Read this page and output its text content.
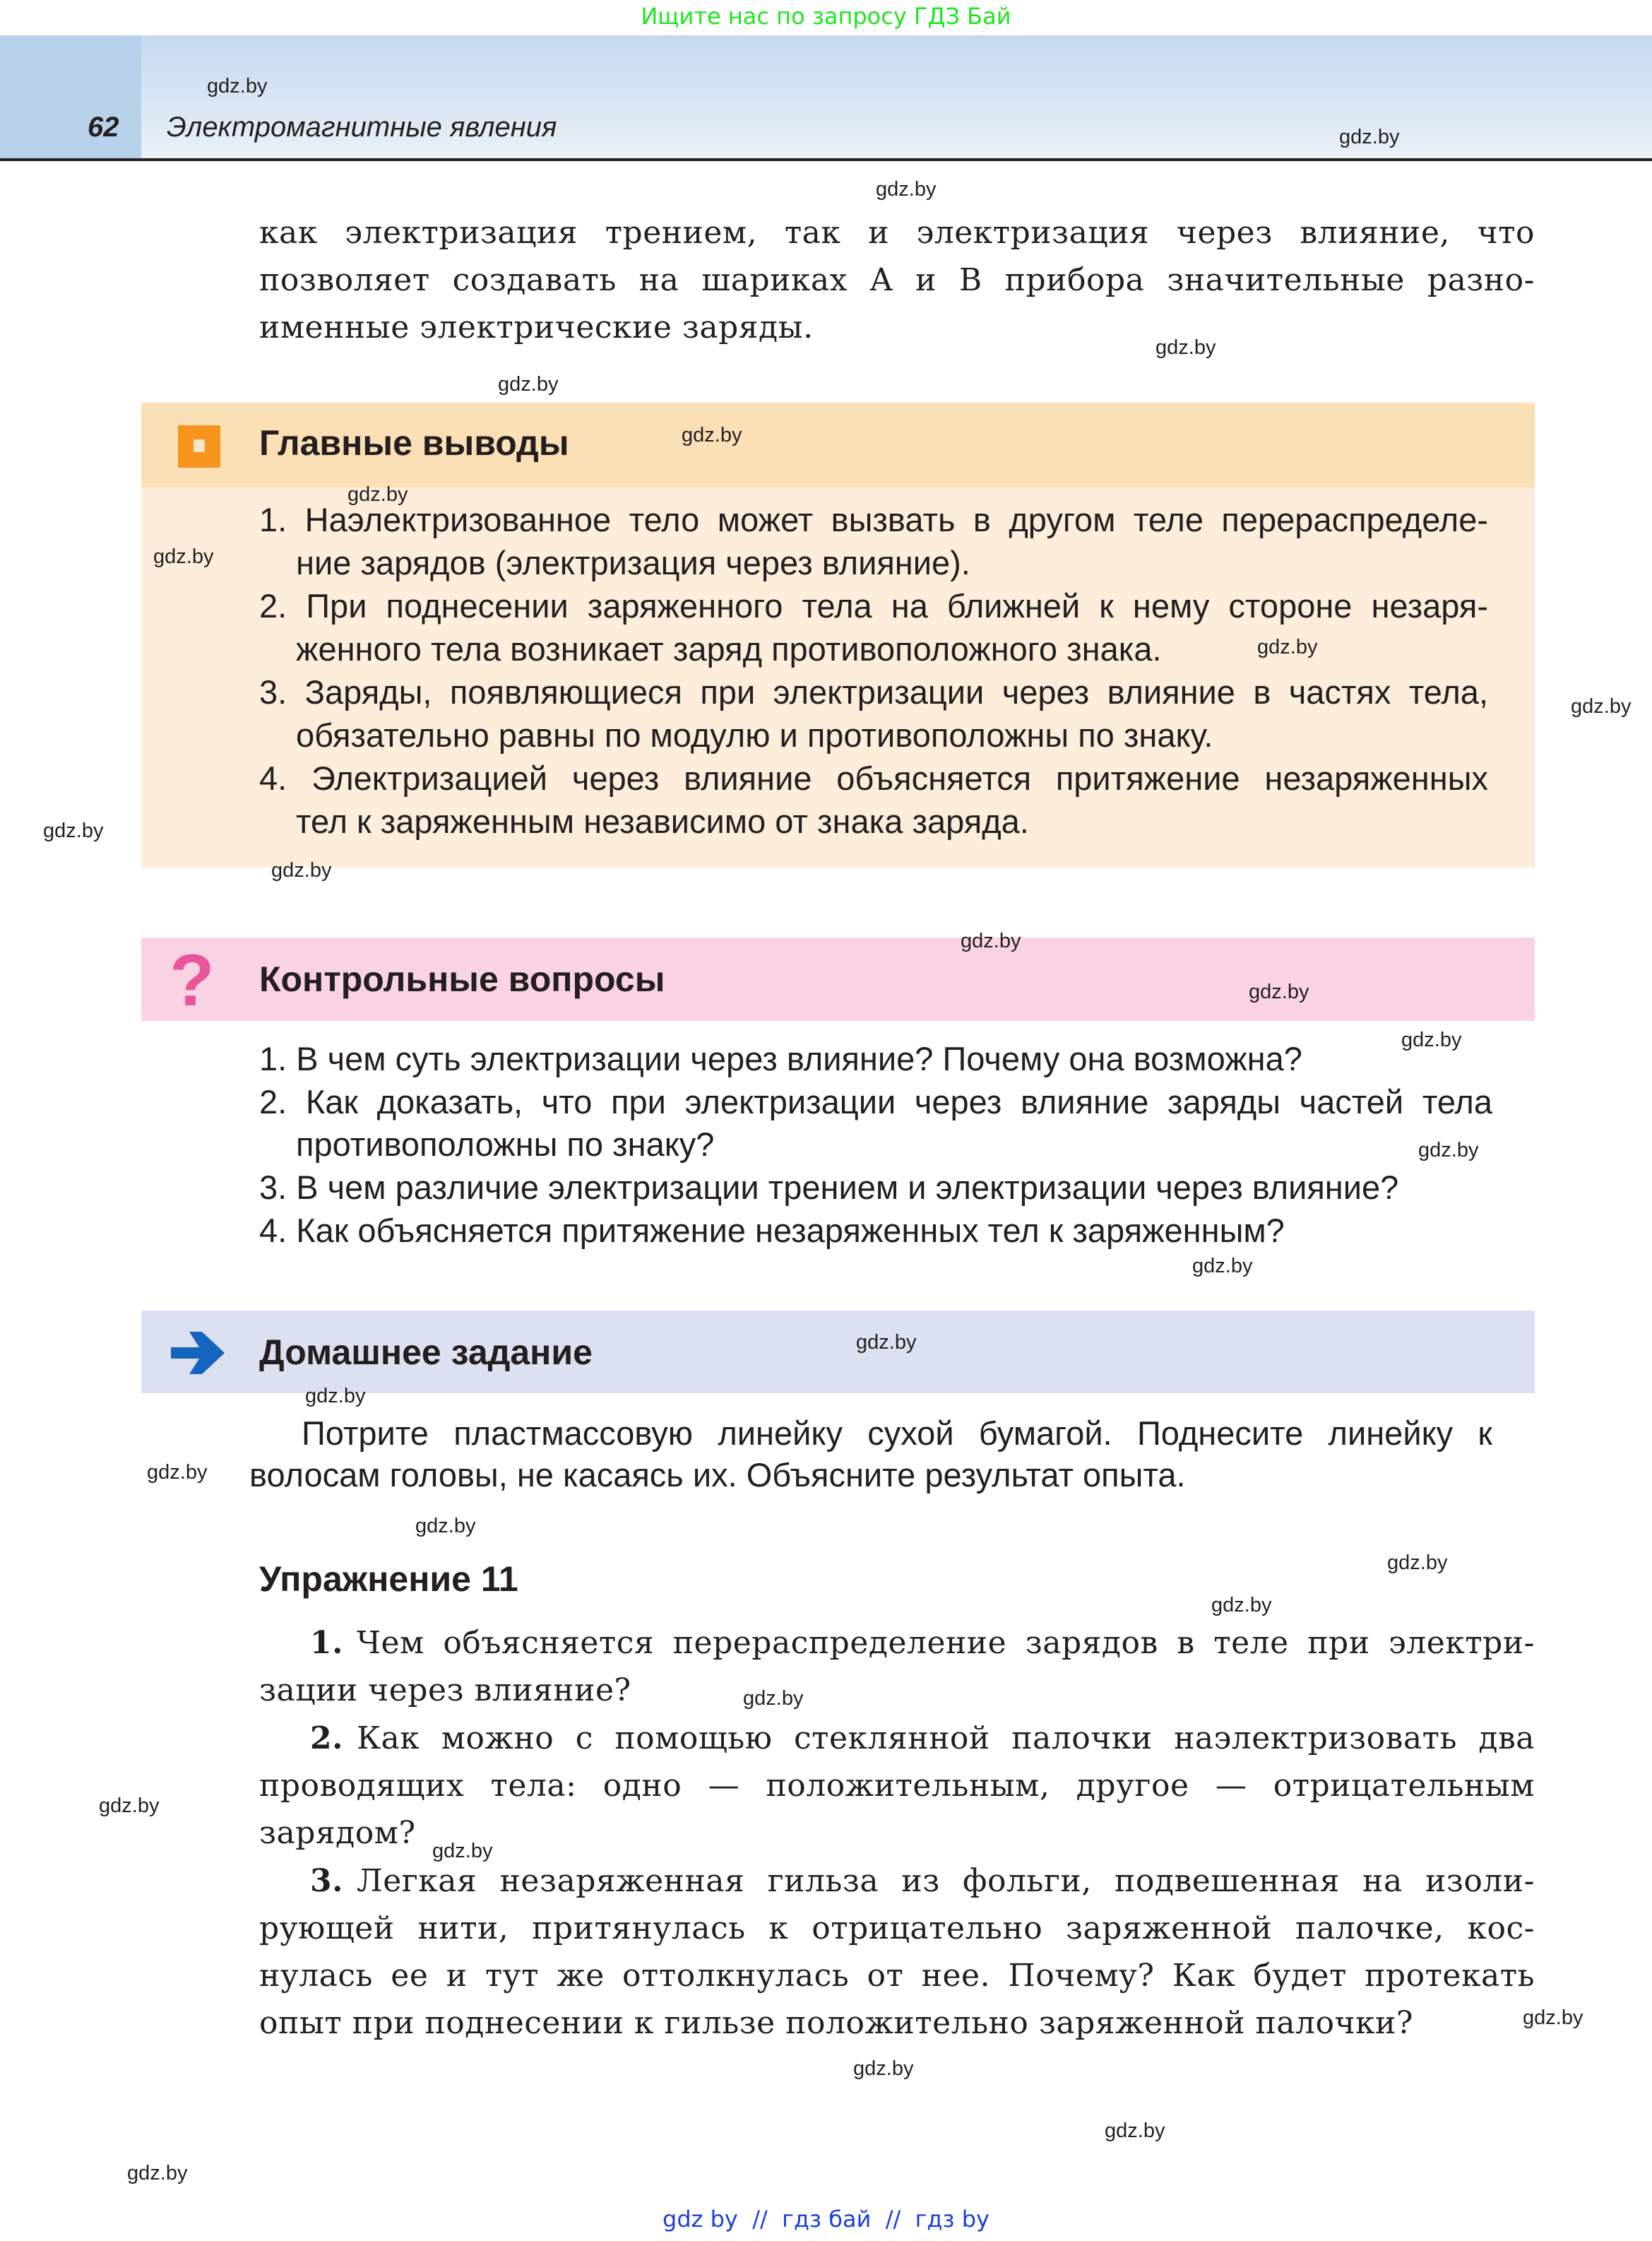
Ищите нас по запросу ГДЗ Бай
62 Электромагнитные явления
как электризация трением, так и электризация через влияние, что
позволяет создавать на шариках A и B прибора значительные разно-
именные электрические заряды.
Главные выводы
1. Наэлектризованное тело может вызвать в другом теле перераспределе-
ние зарядов (электризация через влияние).
2. При поднесении заряженного тела на ближней к нему стороне незаря-
женного тела возникает заряд противоположного знака.
3. Заряды, появляющиеся при электризации через влияние в частях тела,
обязательно равны по модулю и противоположны по знаку.
4. Электризацией через влияние объясняется притяжение незаряженных
тел к заряженным независимо от знака заряда.
? Контрольные вопросы
1. В чем суть электризации через влияние? Почему она возможна?
2. Как доказать, что при электризации через влияние заряды частей тела
противоположны по знаку?
3. В чем различие электризации трением и электризации через влияние?
4. Как объясняется притяжение незаряженных тел к заряженным?
Домашнее задание
Потрите пластмассовую линейку сухой бумагой. Поднесите линейку к
волосам головы, не касаясь их. Объясните результат опыта.
Упражнение 11
1. Чем объясняется перераспределение зарядов в теле при электри-
зации через влияние?
2. Как можно с помощью стеклянной палочки наэлектризовать два
проводящих тела: одно — положительным, другое — отрицательным
зарядом?
3. Легкая незаряженная гильза из фольги, подвешенная на изоли-
рующей нити, притянулась к отрицательно заряженной палочке, кос-
нулась ее и тут же оттолкнулась от нее. Почему? Как будет протекать
опыт при поднесении к гильзе положительно заряженной палочки?
gdz.by
gdz.by
gdz.by
gdz.by
gdz.by
gdz.by
gdz.by
gdz.by
gdz.by
gdz.by
gdz.by
gdz.by
gdz.by
gdz.by
gdz.by
gdz.by
gdz.by
gdz.by
gdz.by
gdz.by
gdz.by
gdz.by
gdz.by
gdz.by
gdz.by
gdz.by
gdz.by
gdz.by
gdz.by
gdz.by
gdz by  //  гдз бай  //  гдз by
